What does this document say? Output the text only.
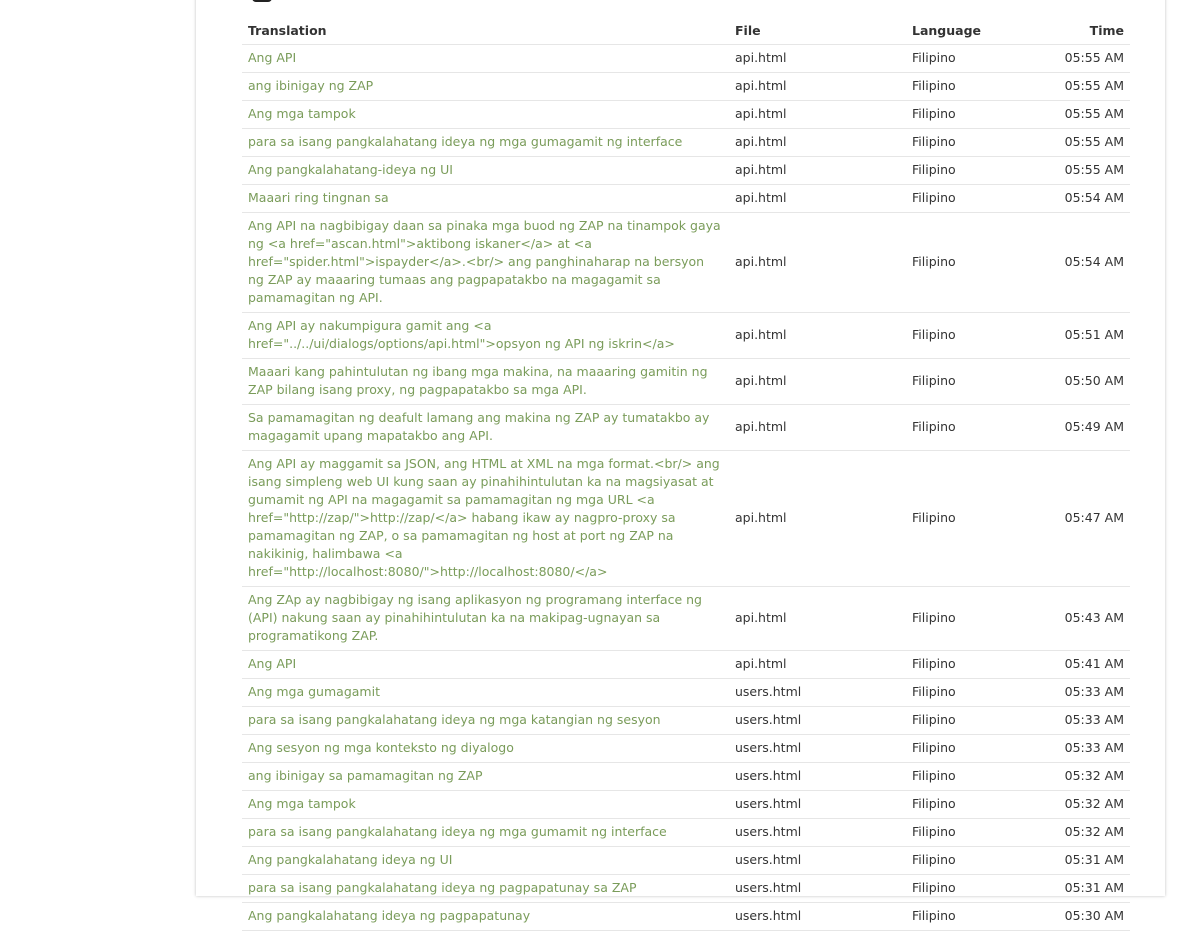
Translation	File	Language	Time
Ang API	api.html	Filipino	05:55 AM
ang ibinigay ng ZAP	api.html	Filipino	05:55 AM
Ang mga tampok	api.html	Filipino	05:55 AM
para sa isang pangkalahatang ideya ng mga gumagamit ng interface	api.html	Filipino	05:55 AM
Ang pangkalahatang-ideya ng UI	api.html	Filipino	05:55 AM
Maaari ring tingnan sa	api.html	Filipino	05:54 AM
Ang API na nagbibigay daan sa pinaka mga buod ng ZAP na tinampok gaya ng <a href="ascan.html">aktibong iskaner</a> at <a href="spider.html">ispayder</a>.<br/> ang panghinaharap na bersyon ng ZAP ay maaaring tumaas ang pagpapatakbo na magagamit sa pamamagitan ng API.	api.html	Filipino	05:54 AM
Ang API ay nakumpigura gamit ang <a href="../../ui/dialogs/options/api.html">opsyon ng API ng iskrin</a>	api.html	Filipino	05:51 AM
Maaari kang pahintulutan ng ibang mga makina, na maaaring gamitin ng ZAP bilang isang proxy, ng pagpapatakbo sa mga API.	api.html	Filipino	05:50 AM
Sa pamamagitan ng deafult lamang ang makina ng ZAP ay tumatakbo ay magagamit upang mapatakbo ang API.	api.html	Filipino	05:49 AM
Ang API ay maggamit sa JSON, ang HTML at XML na mga format.<br/> ang isang simpleng web UI kung saan ay pinahihintulutan ka na magsiyasat at gumamit ng API na magagamit sa pamamagitan ng mga URL <a href="http://zap/">http://zap/</a> habang ikaw ay nagpro-proxy sa pamamagitan ng ZAP, o sa pamamagitan ng host at port ng ZAP na nakikinig, halimbawa <a href="http://localhost:8080/">http://localhost:8080/</a>	api.html	Filipino	05:47 AM
Ang ZAp ay nagbibigay ng isang aplikasyon ng programang interface ng (API) nakung saan ay pinahihintulutan ka na makipag-ugnayan sa programatikong ZAP.	api.html	Filipino	05:43 AM
Ang API	api.html	Filipino	05:41 AM
Ang mga gumagamit	users.html	Filipino	05:33 AM
para sa isang pangkalahatang ideya ng mga katangian ng sesyon	users.html	Filipino	05:33 AM
Ang sesyon ng mga konteksto ng diyalogo	users.html	Filipino	05:33 AM
ang ibinigay sa pamamagitan ng ZAP	users.html	Filipino	05:32 AM
Ang mga tampok	users.html	Filipino	05:32 AM
para sa isang pangkalahatang ideya ng mga gumamit ng interface	users.html	Filipino	05:32 AM
Ang pangkalahatang ideya ng UI	users.html	Filipino	05:31 AM
para sa isang pangkalahatang ideya ng pagpapatunay sa ZAP	users.html	Filipino	05:31 AM
Ang pangkalahatang ideya ng pagpapatunay	users.html	Filipino	05:30 AM
